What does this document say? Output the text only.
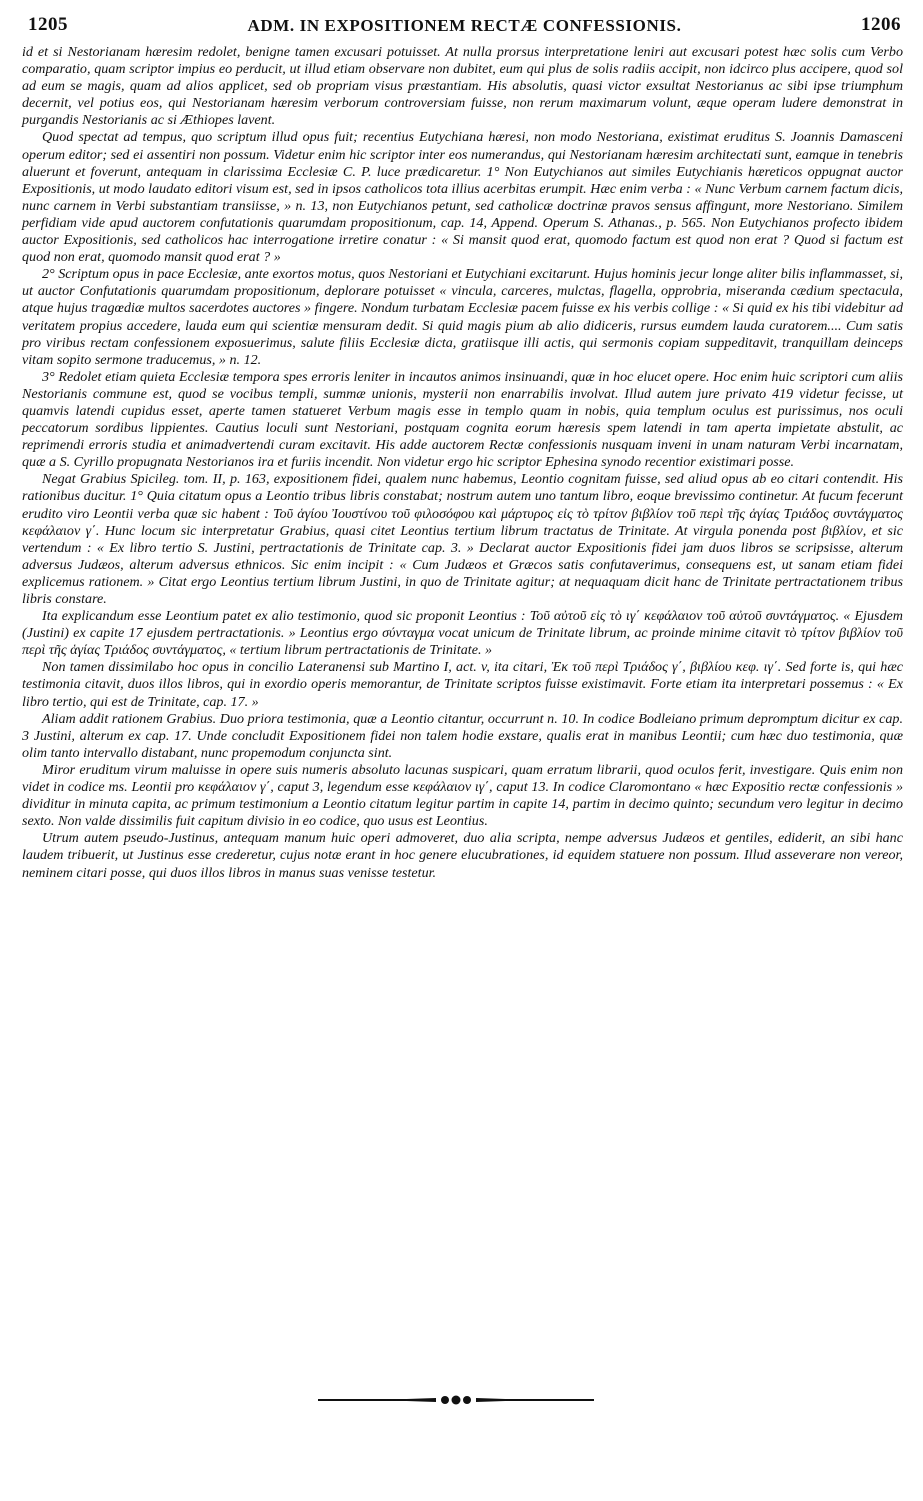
1205	ADM. IN EXPOSITIONEM RECTÆ CONFESSIONIS.	1206

id et si Nestorianam hæresim redolet, benigne tamen excusari potuisset. At nulla prorsus interpretatione leniri aut excusari potest hæc solis cum Verbo comparatio, quam scriptor impius eo perducit, ut illud etiam observare non dubitet, eum qui plus de solis radiis accipit, non idcirco plus accipere, quod sol ad eum se magis, quam ad alios applicet, sed ob propriam visus præstantiam. His absolutis, quasi victor exsultat Nestorianus ac sibi ipse triumphum decernit, vel potius eos, qui Nestorianam hæresim verborum controversiam fuisse, non rerum maximarum volunt, æque operam ludere demonstrat in purgandis Nestorianis ac si Æthiopes lavent.

Quod spectat ad tempus, quo scriptum illud opus fuit; recentius Eutychiana hæresi, non modo Nestoriana, existimat eruditus S. Joannis Damasceni operum editor; sed ei assentiri non possum. Videtur enim hic scriptor inter eos numerandus, qui Nestorianam hæresim architectati sunt, eamque in tenebris aluerunt et foverunt, antequam in clarissima Ecclesiæ C. P. luce prædicaretur. 1° Non Eutychianos aut similes Eutychianis hæreticos oppugnat auctor Expositionis, ut modo laudato editori visum est, sed in ipsos catholicos tota illius acerbitas erumpit. Hæc enim verba : « Nunc Verbum carnem factum dicis, nunc carnem in Verbi substantiam transiisse, » n. 13, non Eutychianos petunt, sed catholicæ doctrinæ pravos sensus affingunt, more Nestoriano. Similem perfidiam vide apud auctorem confutationis quarumdam propositionum, cap. 14, Append. Operum S. Athanas., p. 565. Non Eutychianos profecto ibidem auctor Expositionis, sed catholicos hac interrogatione irretire conatur : « Si mansit quod erat, quomodo factum est quod non erat ? Quod si factum est quod non erat, quomodo mansit quod erat ? »

2° Scriptum opus in pace Ecclesiæ, ante exortos motus, quos Nestoriani et Eutychiani excitarunt. Hujus hominis jecur longe aliter bilis inflammasset, si, ut auctor Confutationis quarumdam propositionum, deplorare potuisset « vincula, carceres, mulctas, flagella, opprobria, miseranda cædium spectacula, atque hujus tragœdiæ multos sacerdotes auctores » fingere. Nondum turbatam Ecclesiæ pacem fuisse ex his verbis collige : « Si quid ex his tibi videbitur ad veritatem propius accedere, lauda eum qui scientiæ mensuram dedit. Si quid magis pium ab alio didiceris, rursus eumdem lauda curatorem.... Cum satis pro viribus rectam confessionem exposuerimus, salute filiis Ecclesiæ dicta, gratiisque illi actis, qui sermonis copiam suppeditavit, tranquillam deinceps vitam sopito sermone traducemus, » n. 12.

3° Redolet etiam quieta Ecclesiæ tempora spes erroris leniter in incautos animos insinuandi, quæ in hoc elucet opere. Hoc enim huic scriptori cum aliis Nestorianis commune est, quod se vocibus templi, summæ unionis, mysterii non enarrabilis involvat. Illud autem jure privato 419 videtur fecisse, ut quamvis latendi cupidus esset, aperte tamen statueret Verbum magis esse in templo quam in nobis, quia templum oculus est purissimus, nos oculi peccatorum sordibus lippientes. Cautius loculi sunt Nestoriani, postquam cognita eorum hæresis spem latendi in tam aperta impietate abstulit, ac reprimendi erroris studia et animadvertendi curam excitavit. His adde auctorem Rectæ confessionis nusquam inveni in unam naturam Verbi incarnatam, quæ a S. Cyrillo propugnata Nestorianos ira et furiis incendit. Non videtur ergo hic scriptor Ephesina synodo recentior existimari posse.

Negat Grabius Spicileg. tom. II, p. 163, expositionem fidei, qualem nunc habemus, Leontio cognitam fuisse, sed aliud opus ab eo citari contendit. His rationibus ducitur. 1° Quia citatum opus a Leontio tribus libris constabat; nostrum autem uno tantum libro, eoque brevissimo continetur. At fucum fecerunt erudito viro Leontii verba quæ sic habent : Τοῦ ἁγίου Ἰουστίνου τοῦ φιλοσόφου καὶ μάρτυρος εἰς τὸ τρίτον βιβλίον τοῦ περὶ τῆς ἁγίας Τριάδος συντάγματος κεφάλαιον γ΄. Hunc locum sic interpretatur Grabius, quasi citet Leontius tertium librum tractatus de Trinitate. At virgula ponenda post βιβλίον, et sic vertendum : « Ex libro tertio S. Justini, pertractationis de Trinitate cap. 3. » Declarat auctor Expositionis fidei jam duos libros se scripsisse, alterum adversus Judæos, alterum adversus ethnicos. Sic enim incipit : « Cum Judæos et Græcos satis confutaverimus, consequens est, ut sanam etiam fidei explicemus rationem. » Citat ergo Leontius tertium librum Justini, in quo de Trinitate agitur; at nequaquam dicit hanc de Trinitate pertractationem tribus libris constare.

Ita explicandum esse Leontium patet ex alio testimonio, quod sic proponit Leontius : Τοῦ αὐτοῦ εἰς τὸ ιγ΄ κεφάλαιον τοῦ αὐτοῦ συντάγματος. « Ejusdem (Justini) ex capite 17 ejusdem pertractationis. » Leontius ergo σύνταγμα vocat unicum de Trinitate librum, ac proinde minime citavit τὸ τρίτον βιβλίον τοῦ περὶ τῆς ἁγίας Τριάδος συντάγματος, « tertium librum pertractationis de Trinitate. »

Non tamen dissimilabo hoc opus in concilio Lateranensi sub Martino I, act. v, ita citari, Ἐκ τοῦ περὶ Τριάδος γ΄, βιβλίου κεφ. ιγ΄. Sed forte is, qui hæc testimonia citavit, duos illos libros, qui in exordio operis memorantur, de Trinitate scriptos fuisse existimavit. Forte etiam ita interpretari possemus : « Ex libro tertio, qui est de Trinitate, cap. 17. »

Aliam addit rationem Grabius. Duo priora testimonia, quæ a Leontio citantur, occurrunt n. 10. In codice Bodleiano primum depromptum dicitur ex cap. 3 Justini, alterum ex cap. 17. Unde concludit Expositionem fidei non talem hodie exstare, qualis erat in manibus Leontii; cum hæc duo testimonia, quæ olim tanto intervallo distabant, nunc propemodum conjuncta sint.

Miror eruditum virum maluisse in opere suis numeris absoluto lacunas suspicari, quam erratum librarii, quod oculos ferit, investigare. Quis enim non videt in codice ms. Leontii pro κεφάλαιον γ΄, caput 3, legendum esse κεφάλαιον ιγ΄, caput 13. In codice Claromontano « hæc Expositio rectæ confessionis » dividitur in minuta capita, ac primum testimonium a Leontio citatum legitur partim in capite 14, partim in decimo quinto; secundum vero legitur in decimo sexto. Non valde dissimilis fuit capitum divisio in eo codice, quo usus est Leontius.

Utrum autem pseudo-Justinus, antequam manum huic operi admoveret, duo alia scripta, nempe adversus Judæos et gentiles, ediderit, an sibi hanc laudem tribuerit, ut Justinus esse crederetur, cujus notæ erant in hoc genere elucubrationes, id equidem statuere non possum. Illud asseverare non vereor, neminem citari posse, qui duos illos libros in manus suas venisse testetur.
